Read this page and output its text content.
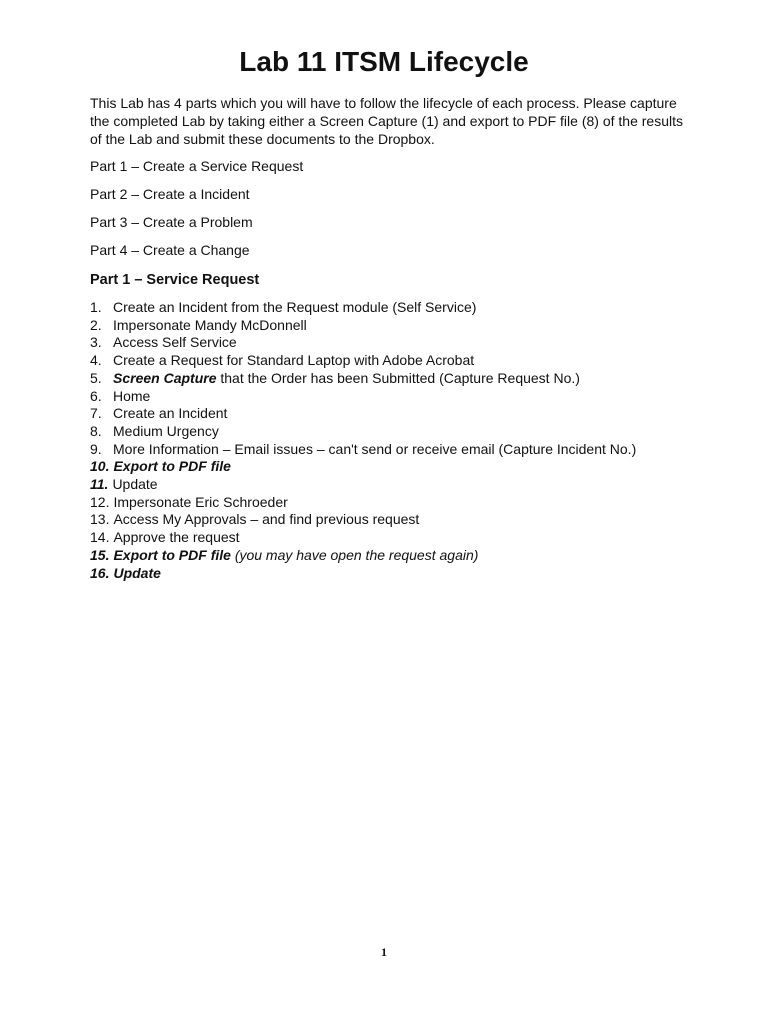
Lab 11 ITSM Lifecycle

This Lab has 4 parts which you will have to follow the lifecycle of each process. Please capture the completed Lab by taking either a Screen Capture (1) and export to PDF file (8) of the results of the Lab and submit these documents to the Dropbox.

Part 1 – Create a Service Request

Part 2 – Create a Incident

Part 3 – Create a Problem

Part 4 – Create a Change

Part 1 – Service Request
1. Create an Incident from the Request module (Self Service)
2. Impersonate Mandy McDonnell
3. Access Self Service
4. Create a Request for Standard Laptop with Adobe Acrobat
5. Screen Capture that the Order has been Submitted (Capture Request No.)
6. Home
7. Create an Incident
8. Medium Urgency
9. More Information – Email issues – can't send or receive email (Capture Incident No.)
10. Export to PDF file
11. Update
12. Impersonate Eric Schroeder
13. Access My Approvals – and find previous request
14. Approve the request
15. Export to PDF file (you may have open the request again)
16. Update

1
